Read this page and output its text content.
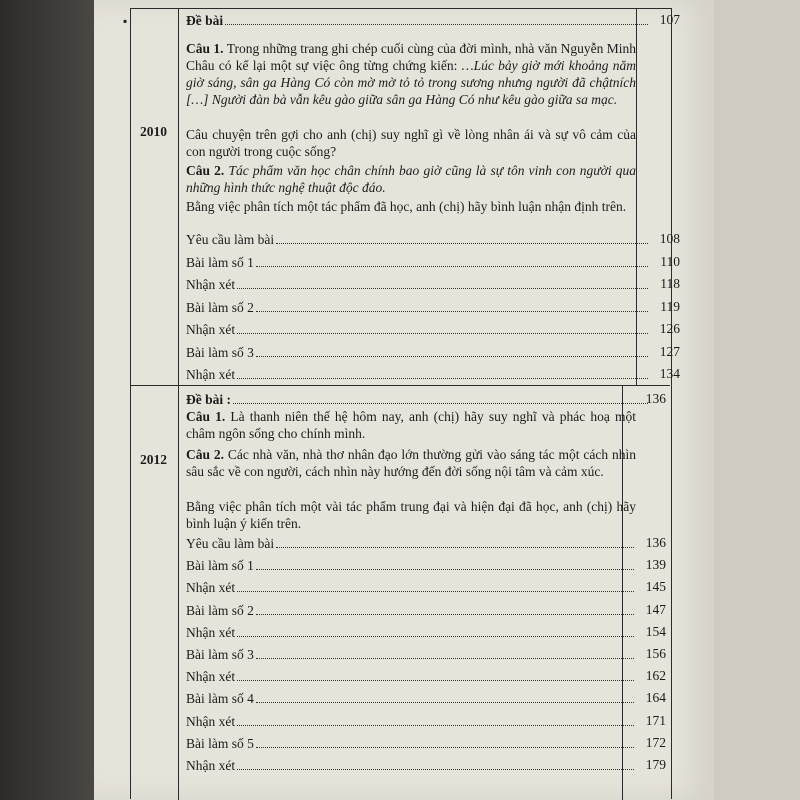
▪
2010
Đề bài	107
Câu 1. Trong những trang ghi chép cuối cùng của đời mình, nhà văn Nguyễn Minh Châu có kể lại một sự việc ông từng chứng kiến: …Lúc bảy giờ mới khoảng năm giờ sáng, sân ga Hàng Có còn mờ mờ tỏ tỏ trong sương nhưng người đã chậtních […] Người đàn bà vẫn kêu gào giữa sân ga Hàng Có như kêu gào giữa sa mạc.
Câu chuyện trên gợi cho anh (chị) suy nghĩ gì về lòng nhân ái và sự vô cảm của con người trong cuộc sống?
Câu 2. Tác phẩm văn học chân chính bao giờ cũng là sự tôn vinh con người qua những hình thức nghệ thuật độc đáo.
Bằng việc phân tích một tác phẩm đã học, anh (chị) hãy bình luận nhận định trên.
Yêu cầu làm bài	108
Bài làm số 1	110
Nhận xét	118
Bài làm số 2	119
Nhận xét	126
Bài làm số 3	127
Nhận xét	134
2012
Đề bài :	136
Câu 1. Là thanh niên thế hệ hôm nay, anh (chị) hãy suy nghĩ và phác hoạ một châm ngôn sống cho chính mình.
Câu 2. Các nhà văn, nhà thơ nhân đạo lớn thường gửi vào sáng tác một cách nhìn sâu sắc về con người, cách nhìn này hướng đến đời sống nội tâm và cảm xúc.
Bằng việc phân tích một vài tác phẩm trung đại và hiện đại đã học, anh (chị) hãy bình luận ý kiến trên.
Yêu cầu làm bài	136
Bài làm số 1	139
Nhận xét	145
Bài làm số 2	147
Nhận xét	154
Bài làm số 3	156
Nhận xét	162
Bài làm số 4	164
Nhận xét	171
Bài làm số 5	172
Nhận xét	179
